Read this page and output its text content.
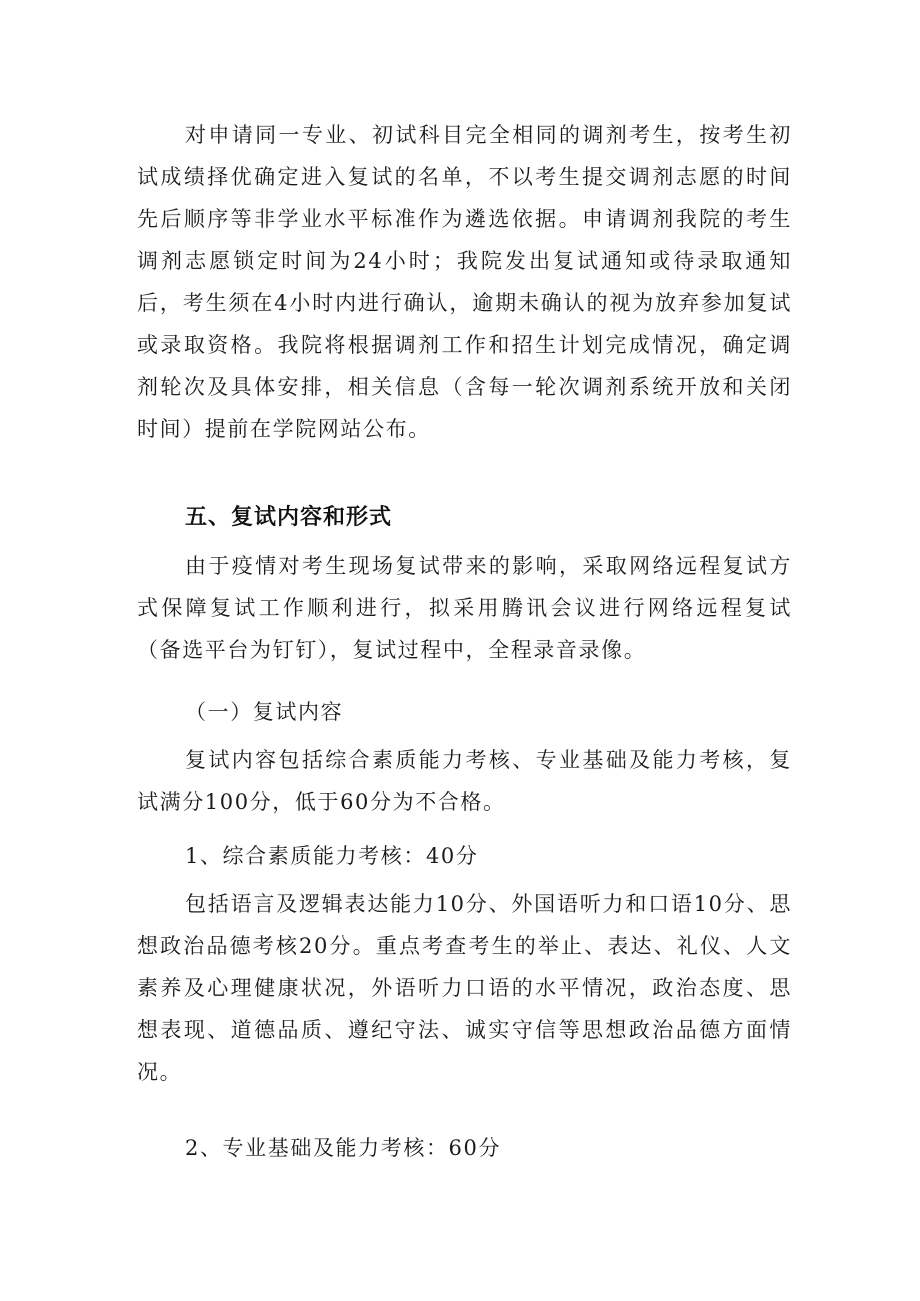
对申请同一专业、初试科目完全相同的调剂考生，按考生初试成绩择优确定进入复试的名单，不以考生提交调剂志愿的时间先后顺序等非学业水平标准作为遴选依据。申请调剂我院的考生调剂志愿锁定时间为24小时；我院发出复试通知或待录取通知后，考生须在4小时内进行确认，逾期未确认的视为放弃参加复试或录取资格。我院将根据调剂工作和招生计划完成情况，确定调剂轮次及具体安排，相关信息（含每一轮次调剂系统开放和关闭时间）提前在学院网站公布。

五、复试内容和形式

由于疫情对考生现场复试带来的影响，采取网络远程复试方式保障复试工作顺利进行，拟采用腾讯会议进行网络远程复试（备选平台为钉钉），复试过程中，全程录音录像。

（一）复试内容

复试内容包括综合素质能力考核、专业基础及能力考核，复试满分100分，低于60分为不合格。

1、综合素质能力考核：40分

包括语言及逻辑表达能力10分、外国语听力和口语10分、思想政治品德考核20分。重点考查考生的举止、表达、礼仪、人文素养及心理健康状况，外语听力口语的水平情况，政治态度、思想表现、道德品质、遵纪守法、诚实守信等思想政治品德方面情况。

2、专业基础及能力考核：60分
